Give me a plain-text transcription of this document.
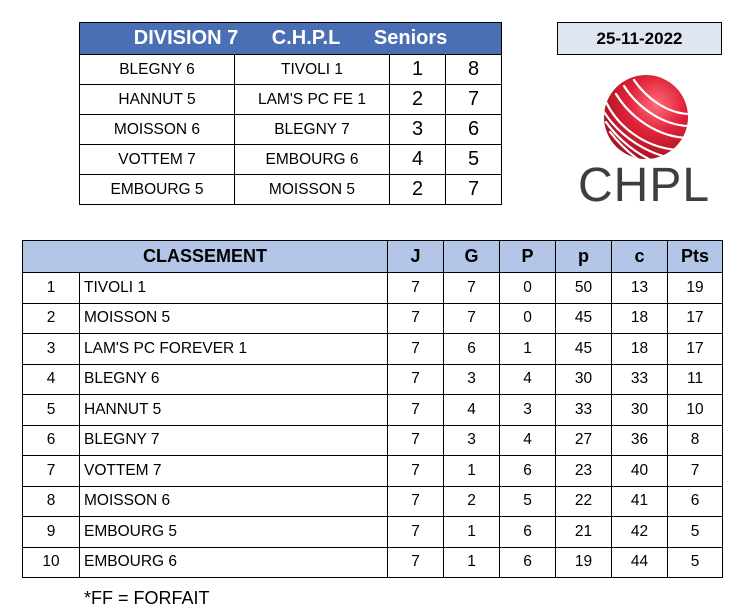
DIVISION 7 C.H.P.L Seniors			
BLEGNY 6	TIVOLI 1	1	8
HANNUT 5	LAM'S PC FE 1	2	7
MOISSON 6	BLEGNY 7	3	6
VOTTEM 7	EMBOURG 6	4	5
EMBOURG 5	MOISSON 5	2	7
25-11-2022
CHPL
CLASSEMENT		J	G	P	p	c	Pts
1	TIVOLI 1	7	7	0	50	13	19
2	MOISSON 5	7	7	0	45	18	17
3	LAM'S PC FOREVER 1	7	6	1	45	18	17
4	BLEGNY 6	7	3	4	30	33	11
5	HANNUT 5	7	4	3	33	30	10
6	BLEGNY 7	7	3	4	27	36	8
7	VOTTEM 7	7	1	6	23	40	7
8	MOISSON 6	7	2	5	22	41	6
9	EMBOURG 5	7	1	6	21	42	5
10	EMBOURG 6	7	1	6	19	44	5
*FF = FORFAIT
